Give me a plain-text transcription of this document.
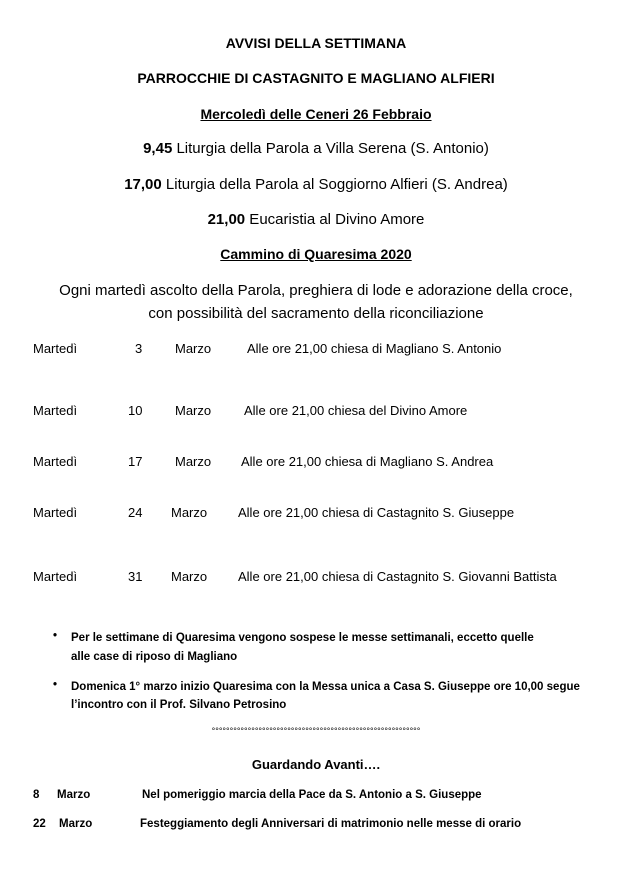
AVVISI DELLA SETTIMANA
PARROCCHIE DI CASTAGNITO E MAGLIANO ALFIERI
Mercoledì delle Ceneri 26 Febbraio
9,45 Liturgia della Parola a Villa Serena (S. Antonio)
17,00 Liturgia della Parola al Soggiorno Alfieri (S. Andrea)
21,00 Eucaristia al Divino Amore
Cammino di Quaresima 2020
Ogni martedì ascolto della Parola, preghiera di lode e adorazione della croce,
con possibilità del sacramento della riconciliazione
Martedì	3	Marzo	Alle ore 21,00 chiesa di Magliano S. Antonio
Martedì	10	Marzo	Alle ore 21,00 chiesa del Divino Amore
Martedì	17	Marzo Alle ore 21,00 chiesa di Magliano S. Andrea
Martedì	24 Marzo Alle ore 21,00 chiesa di Castagnito S. Giuseppe
Martedì	31 Marzo Alle ore 21,00 chiesa di Castagnito S. Giovanni Battista
• Per le settimane di Quaresima vengono sospese le messe settimanali, eccetto quelle
alle case di riposo di Magliano
• Domenica 1° marzo inizio Quaresima con la Messa unica a Casa S. Giuseppe ore 10,00 segue
l’incontro con il Prof. Silvano Petrosino
°°°°°°°°°°°°°°°°°°°°°°°°°°°°°°°°°°°°°°°°°°°°°°°°°°°°°°°°°°
Guardando Avanti….
8 Marzo	Nel pomeriggio marcia della Pace da S. Antonio a S. Giuseppe
22 Marzo	Festeggiamento degli Anniversari di matrimonio nelle messe di orario
